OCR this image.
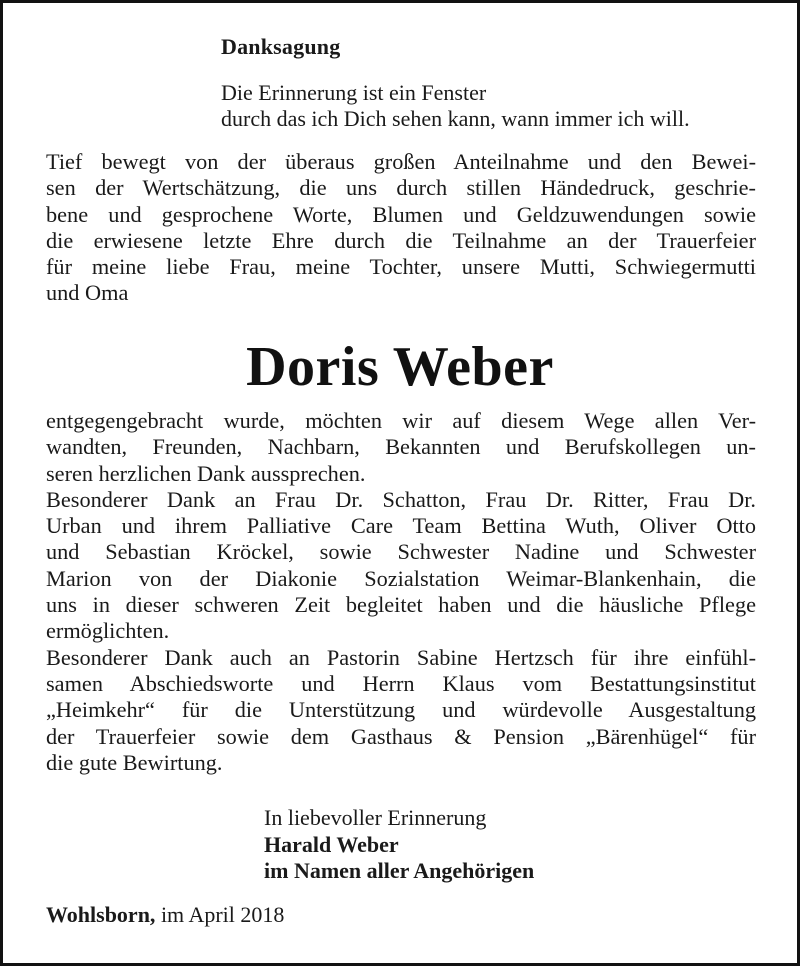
Danksagung
Die Erinnerung ist ein Fenster
durch das ich Dich sehen kann, wann immer ich will.
Tief bewegt von der überaus großen Anteilnahme und den Bewei-
sen der Wertschätzung, die uns durch stillen Händedruck, geschrie-
bene und gesprochene Worte, Blumen und Geldzuwendungen sowie
die erwiesene letzte Ehre durch die Teilnahme an der Trauerfeier
für meine liebe Frau, meine Tochter, unsere Mutti, Schwiegermutti
und Oma
Doris Weber
entgegengebracht wurde, möchten wir auf diesem Wege allen Ver-
wandten, Freunden, Nachbarn, Bekannten und Berufskollegen un-
seren herzlichen Dank aussprechen.
Besonderer Dank an Frau Dr. Schatton, Frau Dr. Ritter, Frau Dr.
Urban und ihrem Palliative Care Team Bettina Wuth, Oliver Otto
und Sebastian Kröckel, sowie Schwester Nadine und Schwester
Marion von der Diakonie Sozialstation Weimar-Blankenhain, die
uns in dieser schweren Zeit begleitet haben und die häusliche Pflege
ermöglichten.
Besonderer Dank auch an Pastorin Sabine Hertzsch für ihre einfühl-
samen Abschiedsworte und Herrn Klaus vom Bestattungsinstitut
„Heimkehr“ für die Unterstützung und würdevolle Ausgestaltung
der Trauerfeier sowie dem Gasthaus & Pension „Bärenhügel“ für
die gute Bewirtung.
In liebevoller Erinnerung
Harald Weber
im Namen aller Angehörigen
Wohlsborn, im April 2018
